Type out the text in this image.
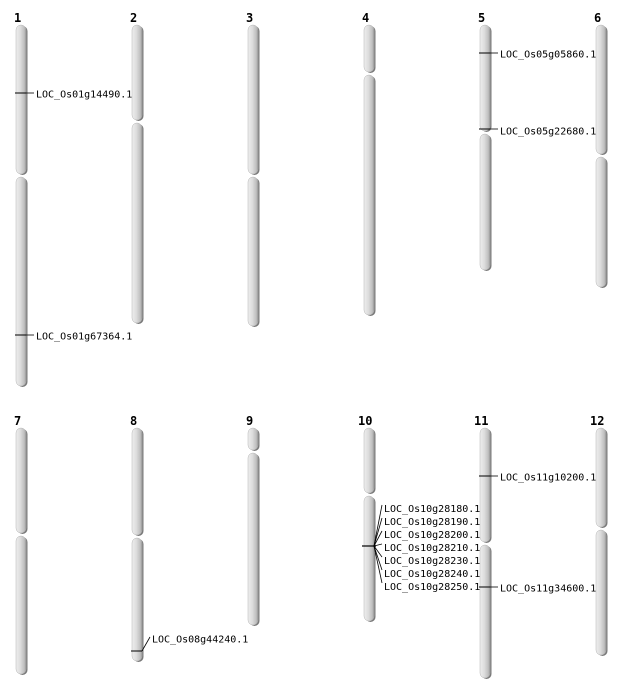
1	2	3	4	5	6
7	8	9	10	11	12
LOC_Os01g14490.1
LOC_Os01g67364.1
LOC_Os05g05860.1
LOC_Os05g22680.1
LOC_Os08g44240.1
LOC_Os10g28180.1
LOC_Os10g28190.1
LOC_Os10g28200.1
LOC_Os10g28210.1
LOC_Os10g28230.1
LOC_Os10g28240.1
LOC_Os10g28250.1
LOC_Os11g10200.1
LOC_Os11g34600.1
